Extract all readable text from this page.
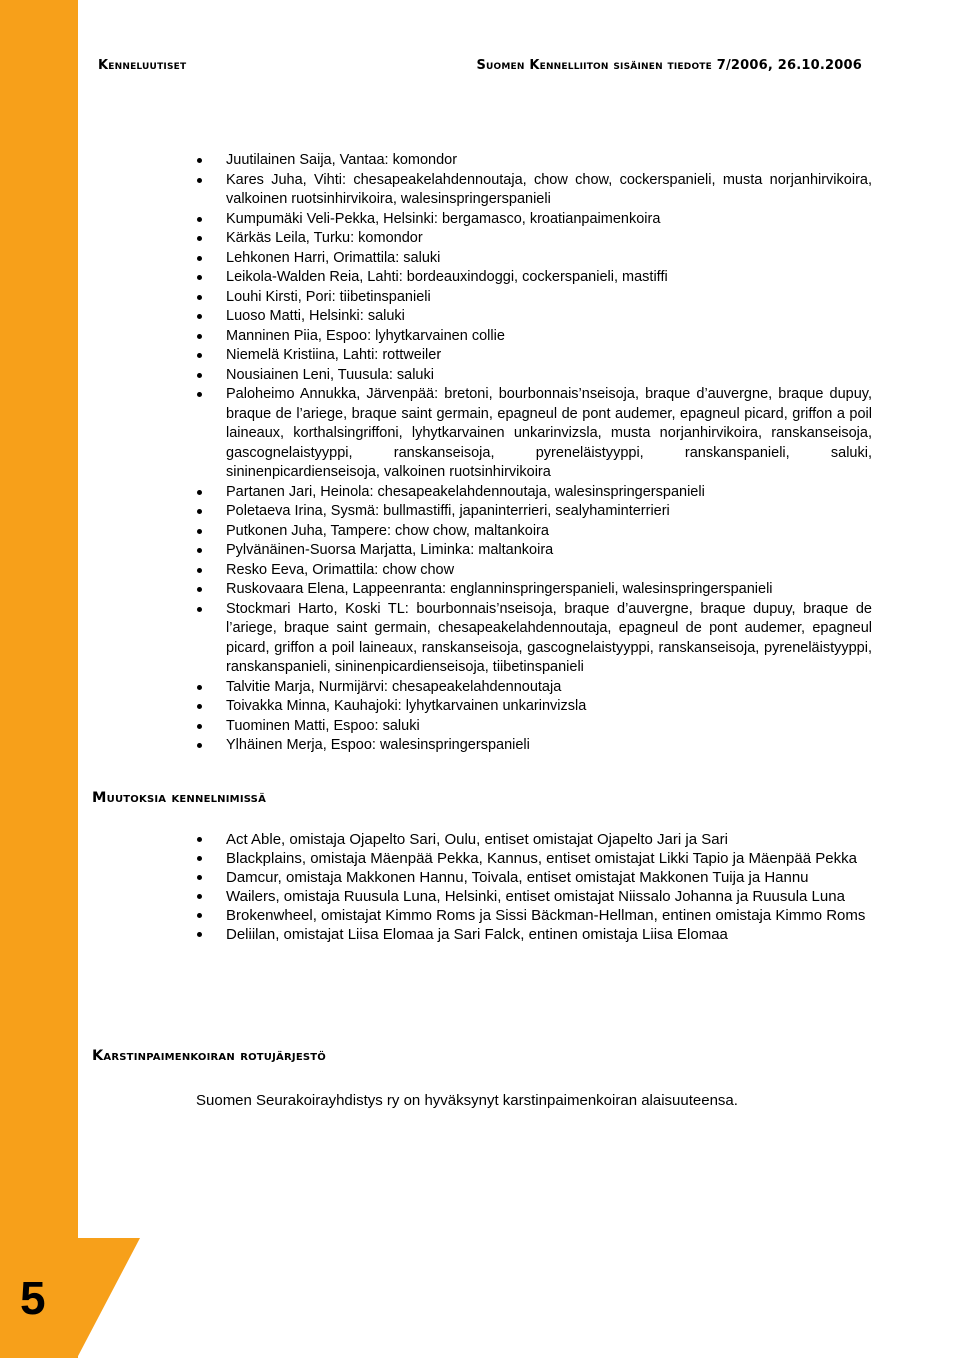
5
Kenneluutiset	Suomen Kennelliiton sisäinen tiedote 7/2006, 26.10.2006
Juutilainen Saija, Vantaa: komondor
Kares Juha, Vihti: chesapeakelahdennoutaja, chow chow, cockerspanieli, musta norjanhirvikoira, valkoinen ruotsinhirvikoira, walesinspringerspanieli
Kumpumäki Veli-Pekka, Helsinki: bergamasco, kroatianpaimenkoira
Kärkäs Leila, Turku: komondor
Lehkonen Harri, Orimattila: saluki
Leikola-Walden Reia, Lahti: bordeauxindoggi, cockerspanieli, mastiffi
Louhi Kirsti, Pori: tiibetinspanieli
Luoso Matti, Helsinki: saluki
Manninen Piia, Espoo: lyhytkarvainen collie
Niemelä Kristiina, Lahti: rottweiler
Nousiainen Leni, Tuusula: saluki
Paloheimo Annukka, Järvenpää: bretoni, bourbonnais’nseisoja, braque d’auvergne, braque dupuy, braque de l’ariege, braque saint germain, epagneul de pont audemer, epagneul picard, griffon a poil laineaux, korthalsingriffoni, lyhytkarvainen unkarinvizsla, musta norjanhirvikoira, ranskanseisoja, gascognelaistyyppi, ranskanseisoja, pyreneläistyyppi, ranskanspanieli, saluki, sininenpicardienseisoja, valkoinen ruotsinhirvikoira
Partanen Jari, Heinola: chesapeakelahdennoutaja, walesinspringerspanieli
Poletaeva Irina, Sysmä: bullmastiffi, japaninterrieri, sealyhaminterrieri
Putkonen Juha, Tampere: chow chow, maltankoira
Pylvänäinen-Suorsa Marjatta, Liminka: maltankoira
Resko Eeva, Orimattila: chow chow
Ruskovaara Elena, Lappeenranta: englanninspringerspanieli, walesinspringerspanieli
Stockmari Harto, Koski TL: bourbonnais’nseisoja, braque d’auvergne, braque dupuy, braque de l’ariege, braque saint germain, chesapeakelahdennoutaja, epagneul de pont audemer, epagneul picard, griffon a poil laineaux, ranskanseisoja, gascognelaistyyppi, ranskanseisoja, pyreneläistyyppi, ranskanspanieli, sininenpicardienseisoja, tiibetinspanieli
Talvitie Marja, Nurmijärvi: chesapeakelahdennoutaja
Toivakka Minna, Kauhajoki: lyhytkarvainen unkarinvizsla
Tuominen Matti, Espoo: saluki
Ylhäinen Merja, Espoo: walesinspringerspanieli
Muutoksia kennelnimissä
Act Able, omistaja Ojapelto Sari, Oulu, entiset omistajat Ojapelto Jari ja Sari
Blackplains, omistaja Mäenpää Pekka, Kannus, entiset omistajat Likki Tapio ja Mäenpää Pekka
Damcur, omistaja Makkonen Hannu, Toivala, entiset omistajat Makkonen Tuija ja Hannu
Wailers, omistaja Ruusula Luna, Helsinki, entiset omistajat Niissalo Johanna ja Ruusula Luna
Brokenwheel, omistajat Kimmo Roms ja Sissi Bäckman-Hellman, entinen omistaja Kimmo Roms
Deliilan, omistajat Liisa Elomaa ja Sari Falck, entinen omistaja Liisa Elomaa
Karstinpaimenkoiran rotujärjestö

Suomen Seurakoirayhdistys ry on hyväksynyt karstinpaimenkoiran alaisuuteensa.
